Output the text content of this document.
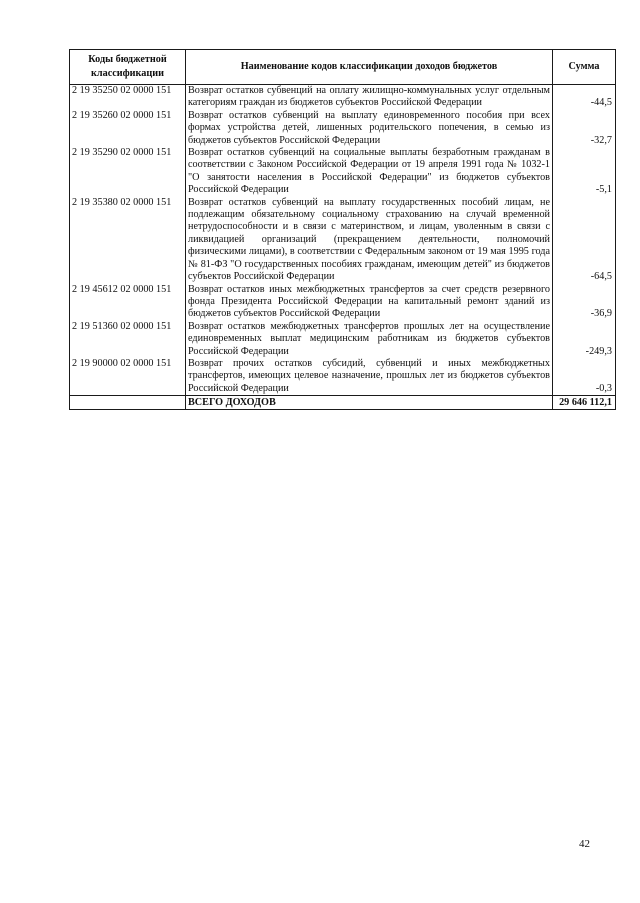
Коды бюджетной классификации	Наименование кодов классификации доходов бюджетов	Сумма
2 19 35250 02 0000 151	Возврат остатков субвенций на оплату жилищно-коммунальных услуг отдельным категориям граждан из бюджетов субъектов Российской Федерации	-44,5
2 19 35260 02 0000 151	Возврат остатков субвенций на выплату единовременного пособия при всех формах устройства детей, лишенных родительского попечения, в семью из бюджетов субъектов Российской Федерации	-32,7
2 19 35290 02 0000 151	Возврат остатков субвенций на социальные выплаты безработным гражданам в соответствии с Законом Российской Федерации от 19 апреля 1991 года № 1032-1 "О занятости населения в Российской Федерации" из бюджетов субъектов Российской Федерации	-5,1
2 19 35380 02 0000 151	Возврат остатков субвенций на выплату государственных пособий лицам, не подлежащим обязательному социальному страхованию на случай временной нетрудоспособности и в связи с материнством, и лицам, уволенным в связи с ликвидацией организаций (прекращением деятельности, полномочий физическими лицами), в соответствии с Федеральным законом от 19 мая 1995 года № 81-ФЗ "О государственных пособиях гражданам, имеющим детей" из бюджетов субъектов Российской Федерации	-64,5
2 19 45612 02 0000 151	Возврат остатков иных межбюджетных трансфертов за счет средств резервного фонда Президента Российской Федерации на капитальный ремонт зданий из бюджетов субъектов Российской Федерации	-36,9
2 19 51360 02 0000 151	Возврат остатков межбюджетных трансфертов прошлых лет на осуществление единовременных выплат медицинским работникам из бюджетов субъектов Российской Федерации	-249,3
2 19 90000 02 0000 151	Возврат прочих остатков субсидий, субвенций и иных межбюджетных трансфертов, имеющих целевое назначение, прошлых лет из бюджетов субъектов Российской Федерации	-0,3
	ВСЕГО ДОХОДОВ	29 646 112,1
42
